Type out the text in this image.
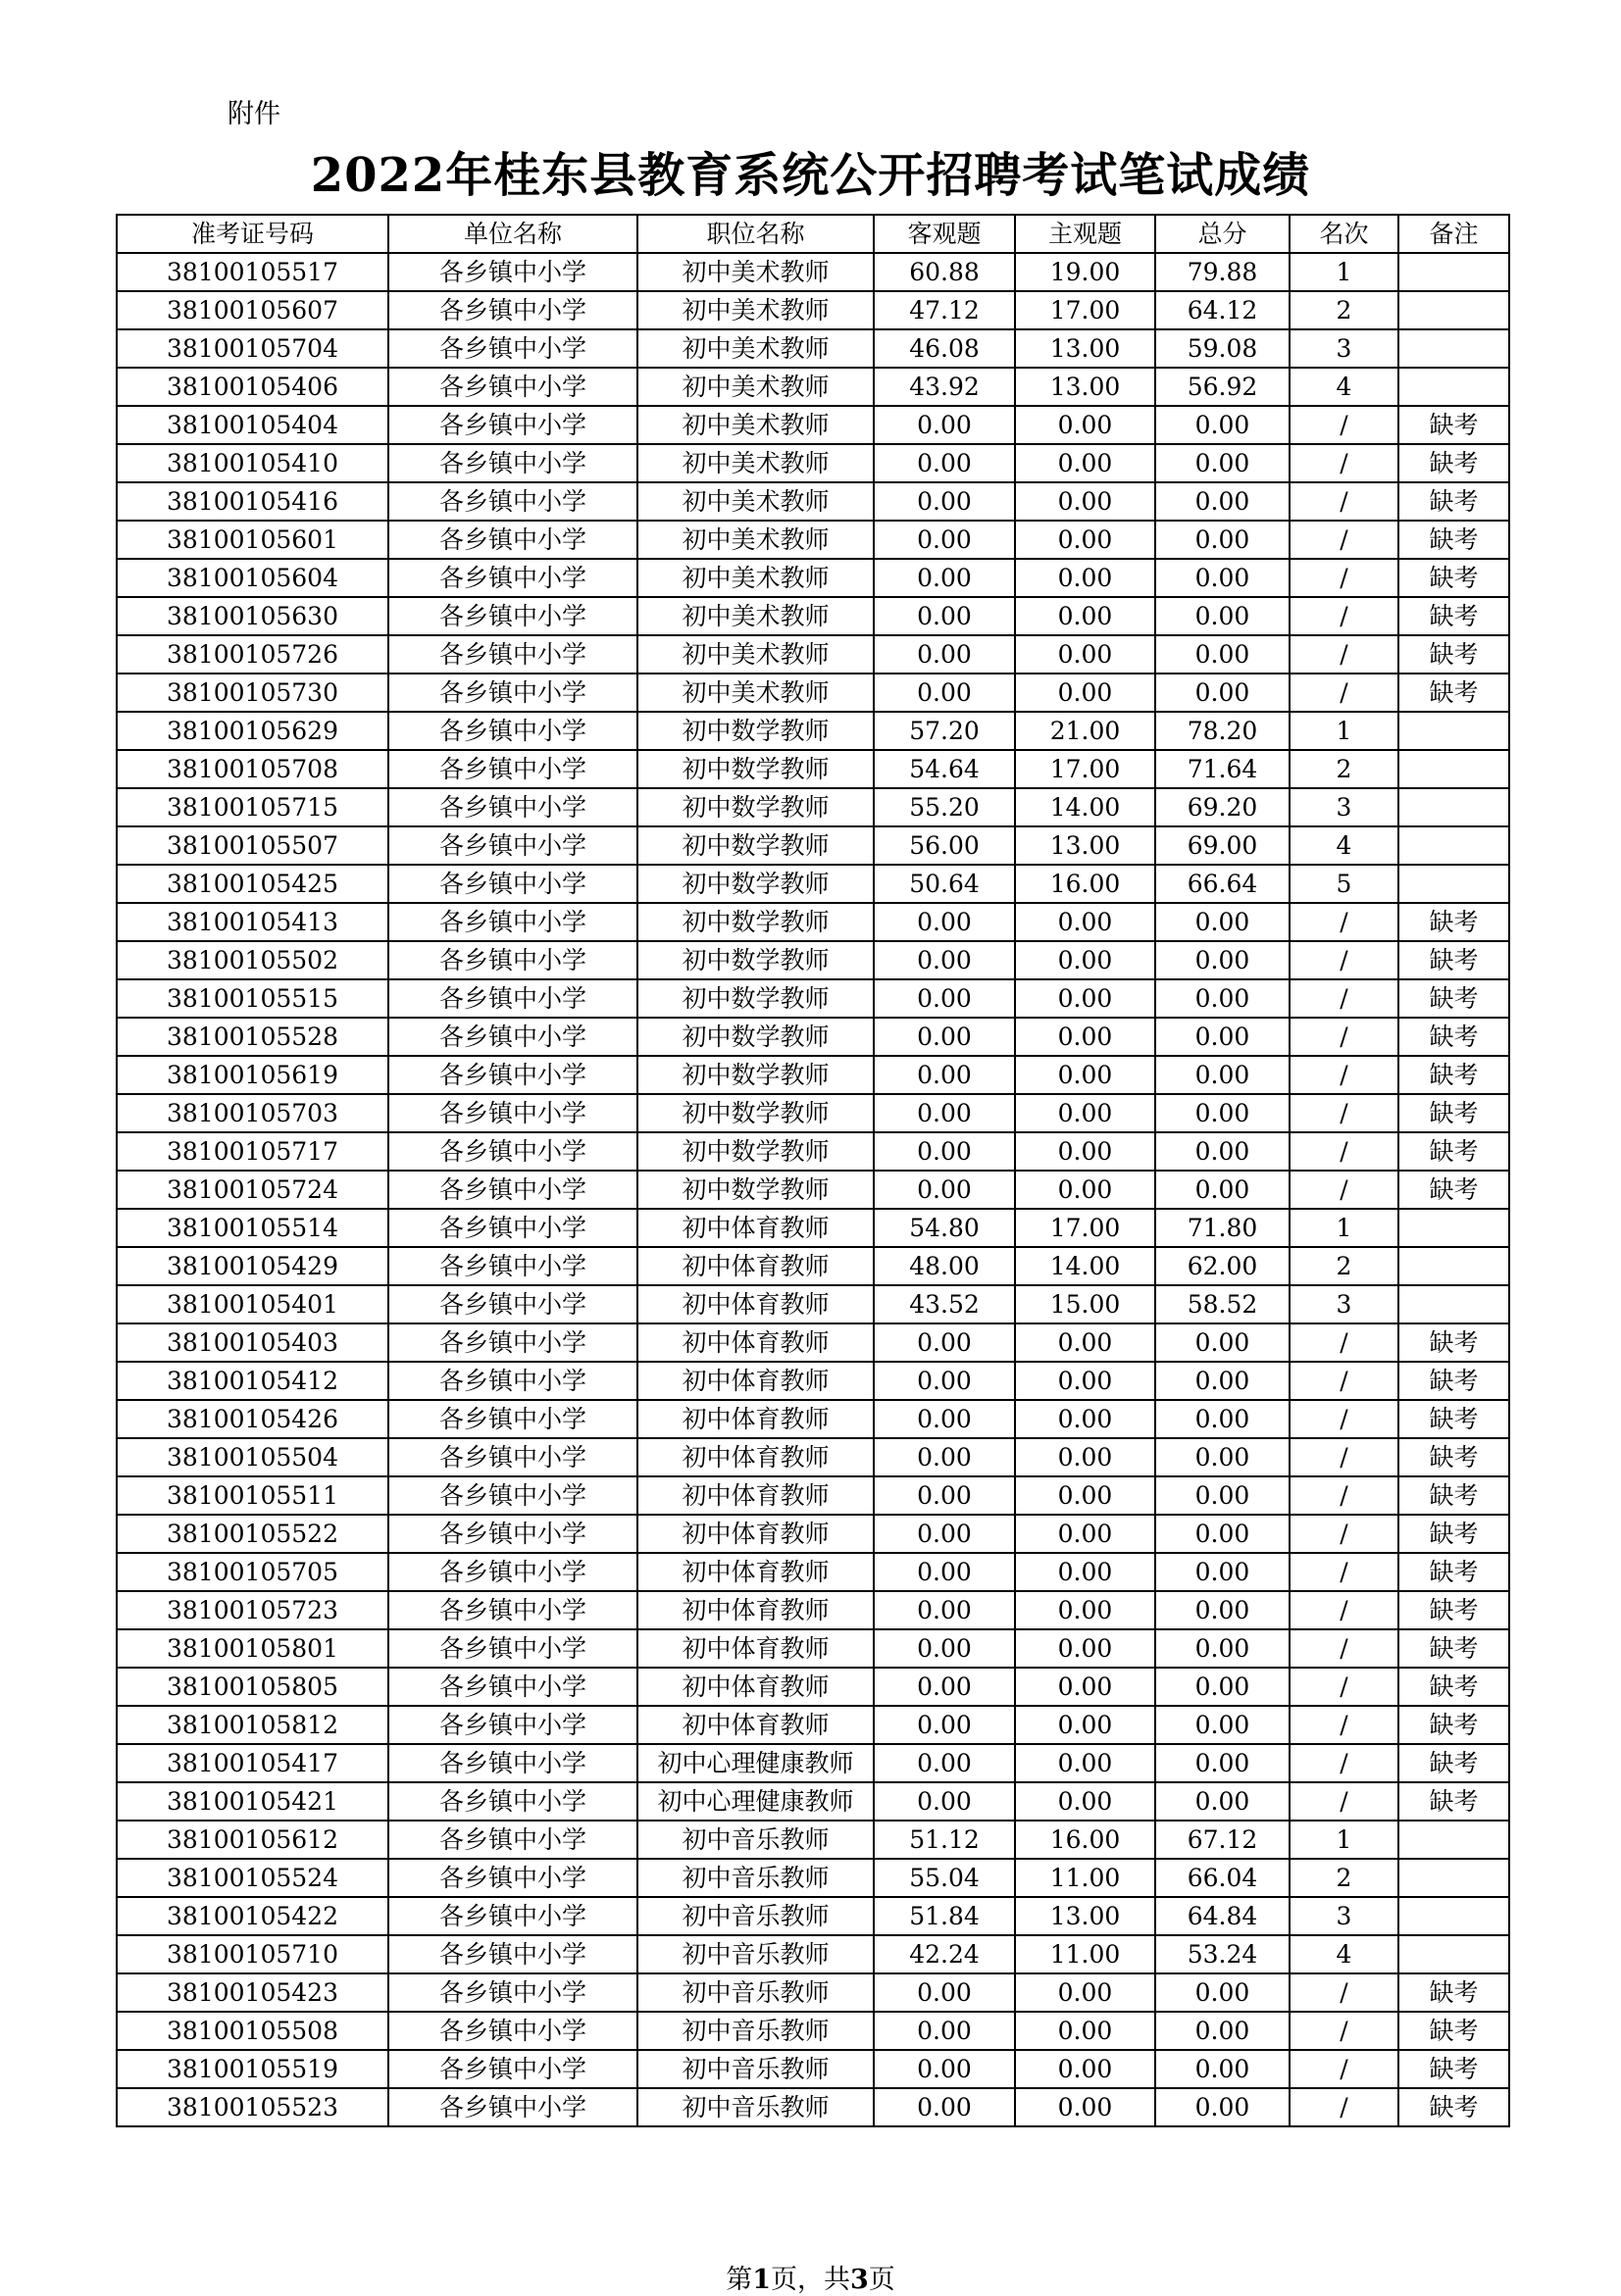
附件
2022年桂东县教育系统公开招聘考试笔试成绩
准考证号码	单位名称	职位名称	客观题	主观题	总分	名次	备注
38100105517	各乡镇中小学	初中美术教师	60.88	19.00	79.88	1	
38100105607	各乡镇中小学	初中美术教师	47.12	17.00	64.12	2	
38100105704	各乡镇中小学	初中美术教师	46.08	13.00	59.08	3	
38100105406	各乡镇中小学	初中美术教师	43.92	13.00	56.92	4	
38100105404	各乡镇中小学	初中美术教师	0.00	0.00	0.00	/	缺考
38100105410	各乡镇中小学	初中美术教师	0.00	0.00	0.00	/	缺考
38100105416	各乡镇中小学	初中美术教师	0.00	0.00	0.00	/	缺考
38100105601	各乡镇中小学	初中美术教师	0.00	0.00	0.00	/	缺考
38100105604	各乡镇中小学	初中美术教师	0.00	0.00	0.00	/	缺考
38100105630	各乡镇中小学	初中美术教师	0.00	0.00	0.00	/	缺考
38100105726	各乡镇中小学	初中美术教师	0.00	0.00	0.00	/	缺考
38100105730	各乡镇中小学	初中美术教师	0.00	0.00	0.00	/	缺考
38100105629	各乡镇中小学	初中数学教师	57.20	21.00	78.20	1	
38100105708	各乡镇中小学	初中数学教师	54.64	17.00	71.64	2	
38100105715	各乡镇中小学	初中数学教师	55.20	14.00	69.20	3	
38100105507	各乡镇中小学	初中数学教师	56.00	13.00	69.00	4	
38100105425	各乡镇中小学	初中数学教师	50.64	16.00	66.64	5	
38100105413	各乡镇中小学	初中数学教师	0.00	0.00	0.00	/	缺考
38100105502	各乡镇中小学	初中数学教师	0.00	0.00	0.00	/	缺考
38100105515	各乡镇中小学	初中数学教师	0.00	0.00	0.00	/	缺考
38100105528	各乡镇中小学	初中数学教师	0.00	0.00	0.00	/	缺考
38100105619	各乡镇中小学	初中数学教师	0.00	0.00	0.00	/	缺考
38100105703	各乡镇中小学	初中数学教师	0.00	0.00	0.00	/	缺考
38100105717	各乡镇中小学	初中数学教师	0.00	0.00	0.00	/	缺考
38100105724	各乡镇中小学	初中数学教师	0.00	0.00	0.00	/	缺考
38100105514	各乡镇中小学	初中体育教师	54.80	17.00	71.80	1	
38100105429	各乡镇中小学	初中体育教师	48.00	14.00	62.00	2	
38100105401	各乡镇中小学	初中体育教师	43.52	15.00	58.52	3	
38100105403	各乡镇中小学	初中体育教师	0.00	0.00	0.00	/	缺考
38100105412	各乡镇中小学	初中体育教师	0.00	0.00	0.00	/	缺考
38100105426	各乡镇中小学	初中体育教师	0.00	0.00	0.00	/	缺考
38100105504	各乡镇中小学	初中体育教师	0.00	0.00	0.00	/	缺考
38100105511	各乡镇中小学	初中体育教师	0.00	0.00	0.00	/	缺考
38100105522	各乡镇中小学	初中体育教师	0.00	0.00	0.00	/	缺考
38100105705	各乡镇中小学	初中体育教师	0.00	0.00	0.00	/	缺考
38100105723	各乡镇中小学	初中体育教师	0.00	0.00	0.00	/	缺考
38100105801	各乡镇中小学	初中体育教师	0.00	0.00	0.00	/	缺考
38100105805	各乡镇中小学	初中体育教师	0.00	0.00	0.00	/	缺考
38100105812	各乡镇中小学	初中体育教师	0.00	0.00	0.00	/	缺考
38100105417	各乡镇中小学	初中心理健康教师	0.00	0.00	0.00	/	缺考
38100105421	各乡镇中小学	初中心理健康教师	0.00	0.00	0.00	/	缺考
38100105612	各乡镇中小学	初中音乐教师	51.12	16.00	67.12	1	
38100105524	各乡镇中小学	初中音乐教师	55.04	11.00	66.04	2	
38100105422	各乡镇中小学	初中音乐教师	51.84	13.00	64.84	3	
38100105710	各乡镇中小学	初中音乐教师	42.24	11.00	53.24	4	
38100105423	各乡镇中小学	初中音乐教师	0.00	0.00	0.00	/	缺考
38100105508	各乡镇中小学	初中音乐教师	0.00	0.00	0.00	/	缺考
38100105519	各乡镇中小学	初中音乐教师	0.00	0.00	0.00	/	缺考
38100105523	各乡镇中小学	初中音乐教师	0.00	0.00	0.00	/	缺考
第1页，共3页
